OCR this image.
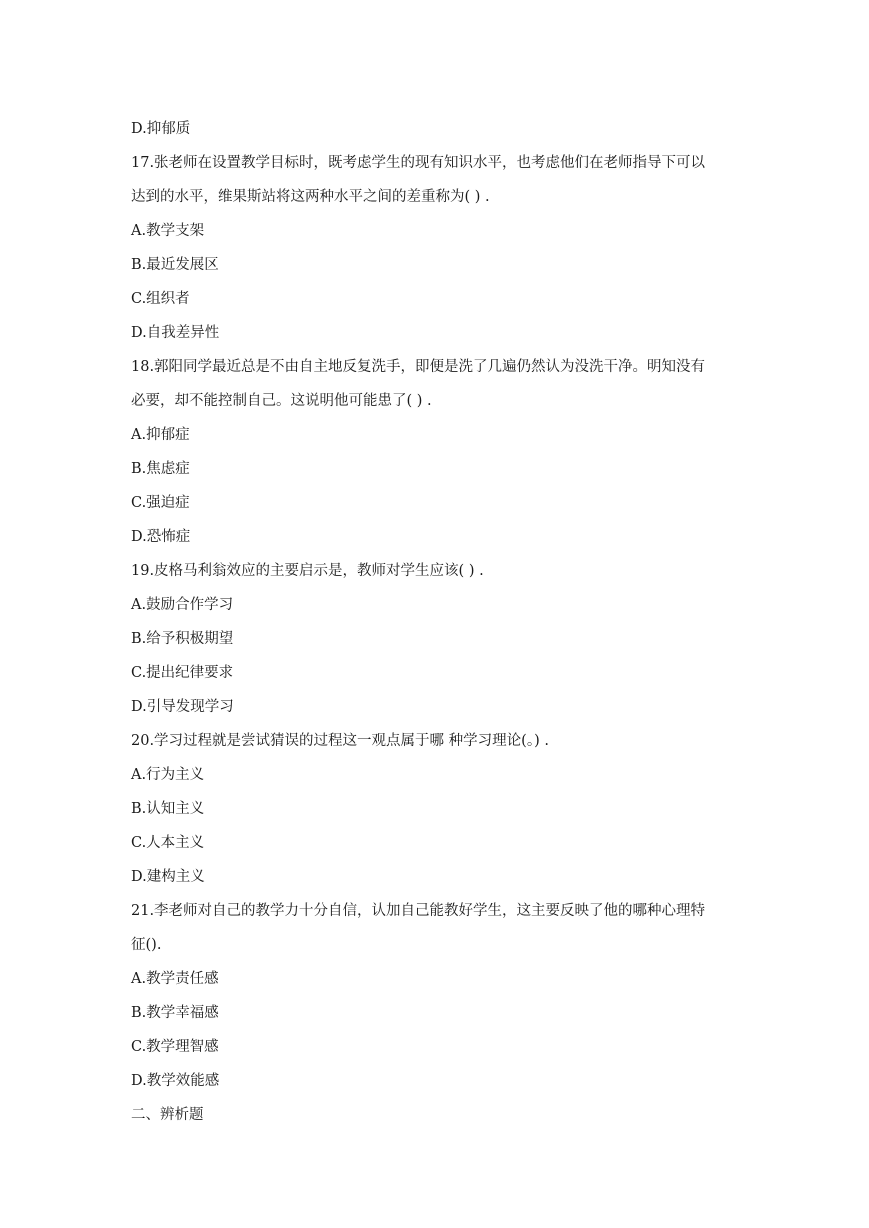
D.抑郁质
17.张老师在设置教学目标时，既考虑学生的现有知识水平，也考虑他们在老师指导下可以
达到的水平，维果斯站将这两种水平之间的差重称为( ) .
A.教学支架
B.最近发展区
C.组织者
D.自我差异性
18.郭阳同学最近总是不由自主地反复洗手，即便是洗了几遍仍然认为没洗干净。明知没有
必要，却不能控制自己。这说明他可能患了( ) .
A.抑郁症
B.焦虑症
C.强迫症
D.恐怖症
19.皮格马利翁效应的主要启示是，教师对学生应该( ) .
A.鼓励合作学习
B.给予积极期望
C.提出纪律要求
D.引导发现学习
20.学习过程就是尝试猜误的过程这一观点属于哪 种学习理论(。) .
A.行为主义
B.认知主义
C.人本主义
D.建构主义
21.李老师对自己的教学力十分自信，认加自己能教好学生，这主要反映了他的哪种心理特
征().
A.教学责任感
B.教学幸福感
C.教学理智感
D.教学效能感
二、辨析题
